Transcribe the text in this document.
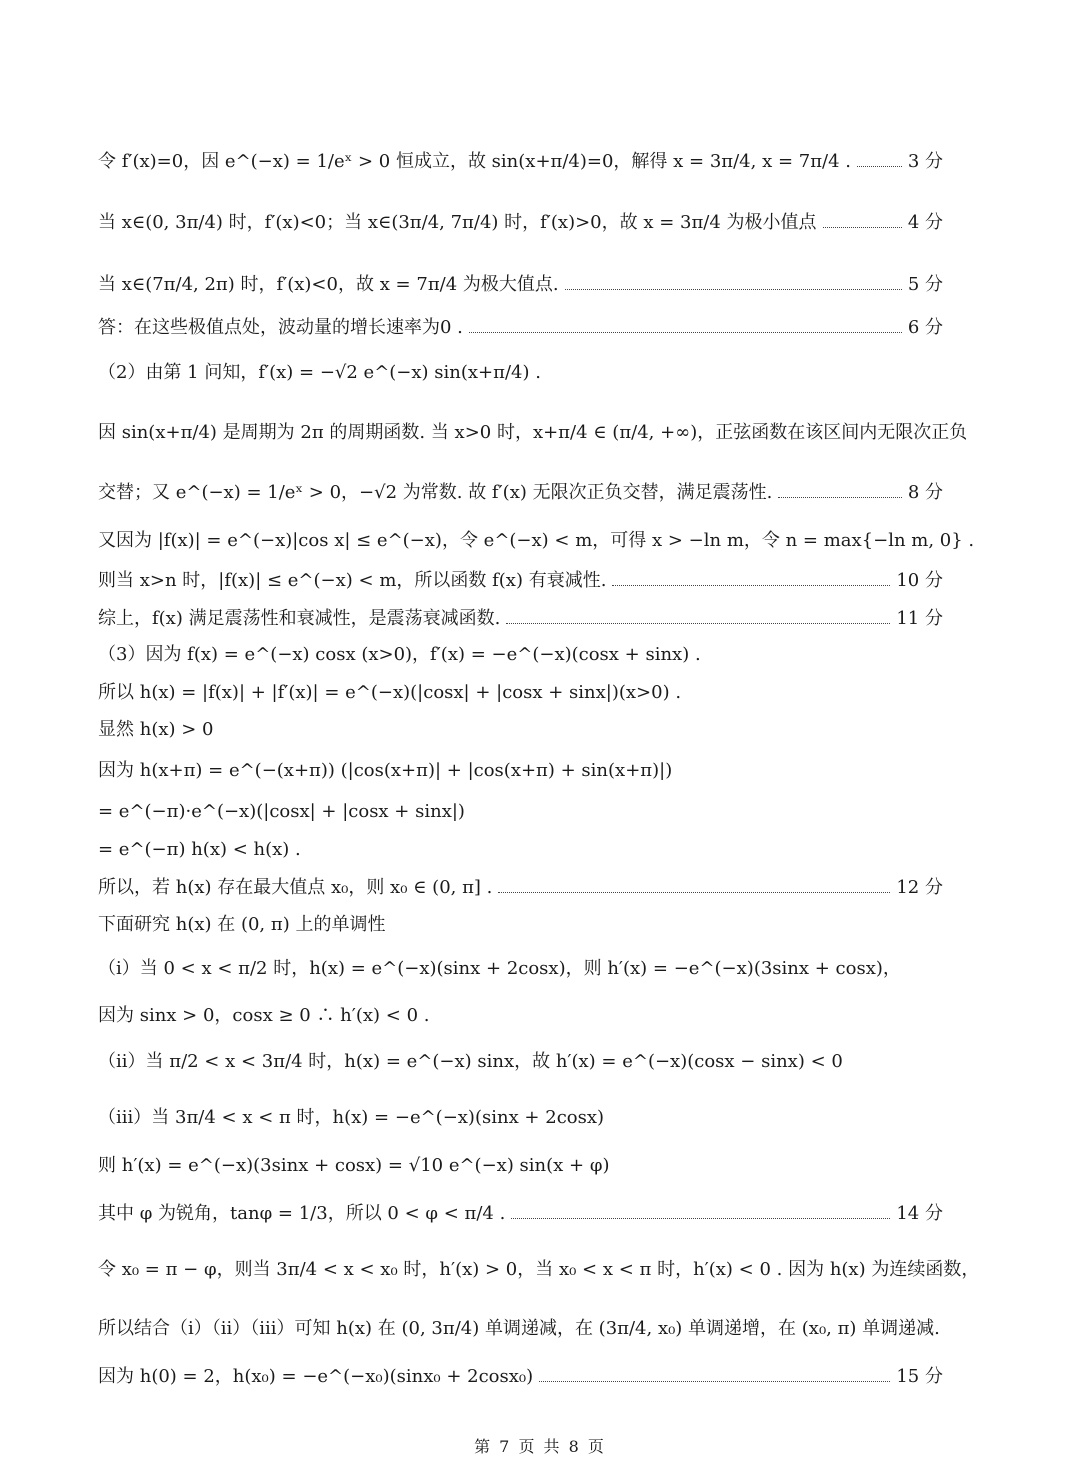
令 f′(x)=0，因 e^(−x) = 1/eˣ > 0 恒成立，故 sin(x+π/4)=0，解得 x = 3π/4, x = 7π/4 .	3 分
当 x∈(0, 3π/4) 时，f′(x)<0；当 x∈(3π/4, 7π/4) 时，f′(x)>0，故 x = 3π/4 为极小值点	4 分
当 x∈(7π/4, 2π) 时，f′(x)<0，故 x = 7π/4 为极大值点.	5 分
答：在这些极值点处，波动量的增长速率为0 .	6 分
（2）由第 1 问知，f′(x) = −√2 e^(−x) sin(x+π/4) .
因 sin(x+π/4) 是周期为 2π 的周期函数. 当 x>0 时，x+π/4 ∈ (π/4, +∞)，正弦函数在该区间内无限次正负
交替；又 e^(−x) = 1/eˣ > 0，−√2 为常数. 故 f′(x) 无限次正负交替，满足震荡性.	8 分
又因为 |f(x)| = e^(−x)|cos x| ≤ e^(−x)，令 e^(−x) < m，可得 x > −ln m，令 n = max{−ln m, 0} .
则当 x>n 时，|f(x)| ≤ e^(−x) < m，所以函数 f(x) 有衰减性.	10 分
综上，f(x) 满足震荡性和衰减性，是震荡衰减函数.	11 分
（3）因为 f(x) = e^(−x) cosx (x>0)，f′(x) = −e^(−x)(cosx + sinx) .
所以 h(x) = |f(x)| + |f′(x)| = e^(−x)(|cosx| + |cosx + sinx|)(x>0) .
显然 h(x) > 0
因为 h(x+π) = e^(−(x+π)) (|cos(x+π)| + |cos(x+π) + sin(x+π)|)
= e^(−π)·e^(−x)(|cosx| + |cosx + sinx|)
= e^(−π) h(x) < h(x) .
所以，若 h(x) 存在最大值点 x₀，则 x₀ ∈ (0, π] .	12 分
下面研究 h(x) 在 (0, π) 上的单调性
（i）当 0 < x < π/2 时，h(x) = e^(−x)(sinx + 2cosx)，则 h′(x) = −e^(−x)(3sinx + cosx)，
因为 sinx > 0，cosx ≥ 0 ∴ h′(x) < 0 .
（ii）当 π/2 < x < 3π/4 时，h(x) = e^(−x) sinx，故 h′(x) = e^(−x)(cosx − sinx) < 0
（iii）当 3π/4 < x < π 时，h(x) = −e^(−x)(sinx + 2cosx)
则 h′(x) = e^(−x)(3sinx + cosx) = √10 e^(−x) sin(x + φ)
其中 φ 为锐角，tanφ = 1/3，所以 0 < φ < π/4 .	14 分
令 x₀ = π − φ，则当 3π/4 < x < x₀ 时，h′(x) > 0，当 x₀ < x < π 时，h′(x) < 0 . 因为 h(x) 为连续函数，
所以结合（i）（ii）（iii）可知 h(x) 在 (0, 3π/4) 单调递减，在 (3π/4, x₀) 单调递增，在 (x₀, π) 单调递减.
因为 h(0) = 2，h(x₀) = −e^(−x₀)(sinx₀ + 2cosx₀)	15 分
第 7 页 共 8 页
